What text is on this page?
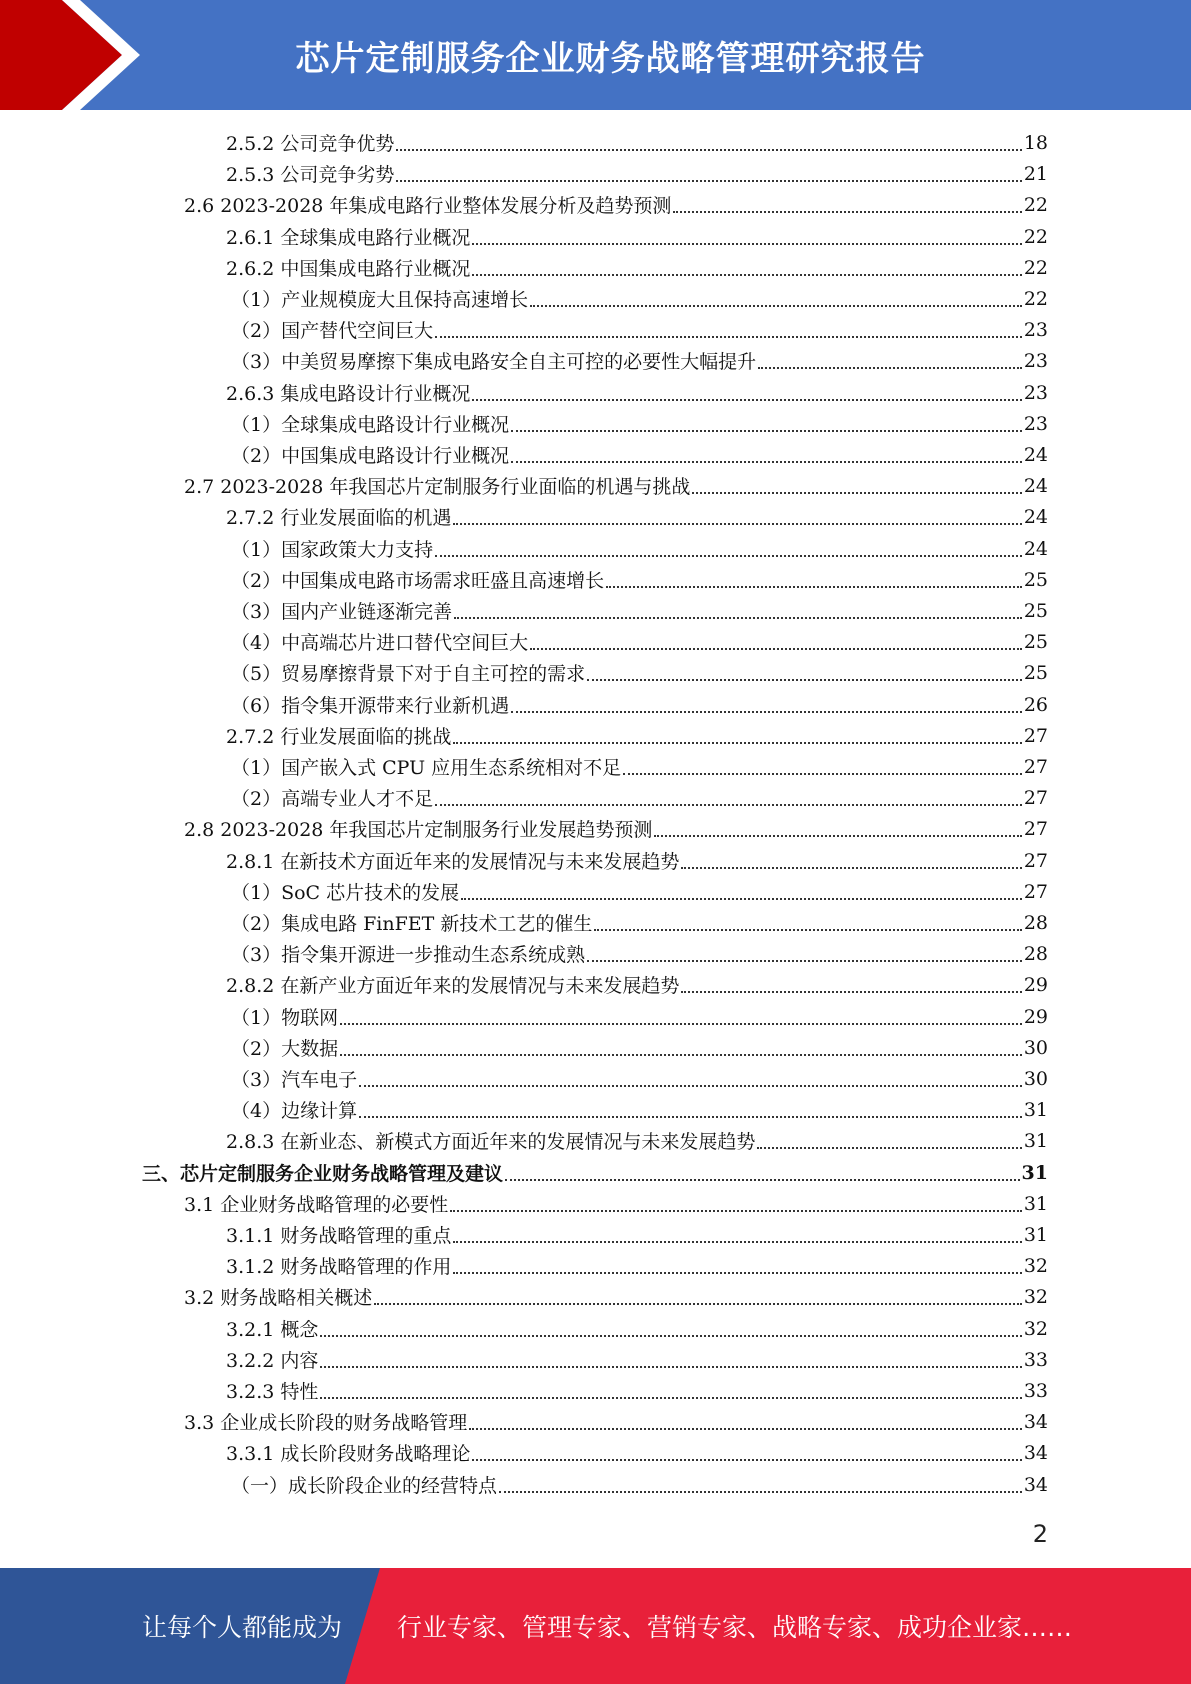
芯片定制服务企业财务战略管理研究报告
2.5.2 公司竞争优势	18
2.5.3 公司竞争劣势	21
2.6 2023-2028 年集成电路行业整体发展分析及趋势预测	22
2.6.1 全球集成电路行业概况	22
2.6.2 中国集成电路行业概况	22
（1）产业规模庞大且保持高速增长	22
（2）国产替代空间巨大	23
（3）中美贸易摩擦下集成电路安全自主可控的必要性大幅提升	23
2.6.3 集成电路设计行业概况	23
（1）全球集成电路设计行业概况	23
（2）中国集成电路设计行业概况	24
2.7 2023-2028 年我国芯片定制服务行业面临的机遇与挑战	24
2.7.2 行业发展面临的机遇	24
（1）国家政策大力支持	24
（2）中国集成电路市场需求旺盛且高速增长	25
（3）国内产业链逐渐完善	25
（4）中高端芯片进口替代空间巨大	25
（5）贸易摩擦背景下对于自主可控的需求	25
（6）指令集开源带来行业新机遇	26
2.7.2 行业发展面临的挑战	27
（1）国产嵌入式 CPU 应用生态系统相对不足	27
（2）高端专业人才不足	27
2.8 2023-2028 年我国芯片定制服务行业发展趋势预测	27
2.8.1 在新技术方面近年来的发展情况与未来发展趋势	27
（1）SoC 芯片技术的发展	27
（2）集成电路 FinFET 新技术工艺的催生	28
（3）指令集开源进一步推动生态系统成熟	28
2.8.2 在新产业方面近年来的发展情况与未来发展趋势	29
（1）物联网	29
（2）大数据	30
（3）汽车电子	30
（4）边缘计算	31
2.8.3 在新业态、新模式方面近年来的发展情况与未来发展趋势	31
三、芯片定制服务企业财务战略管理及建议	31
3.1 企业财务战略管理的必要性	31
3.1.1 财务战略管理的重点	31
3.1.2 财务战略管理的作用	32
3.2 财务战略相关概述	32
3.2.1 概念	32
3.2.2 内容	33
3.2.3 特性	33
3.3 企业成长阶段的财务战略管理	34
3.3.1 成长阶段财务战略理论	34
（一）成长阶段企业的经营特点	34
2
让每个人都能成为 行业专家、管理专家、营销专家、战略专家、成功企业家……
